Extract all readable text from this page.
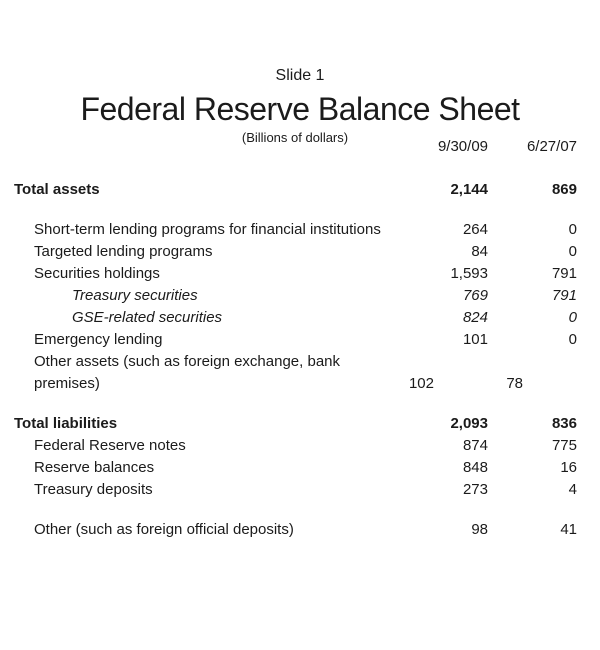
Slide 1
Federal Reserve Balance Sheet
(Billions of dollars)
9/30/09	6/27/07
Total assets	2,144	869
Short-term lending programs for financial institutions	264	0
Targeted lending programs	84	0
Securities holdings	1,593	791
Treasury securities	769	791
GSE-related securities	824	0
Emergency lending	101	0
Other assets (such as foreign exchange, bank premises)	102	78
Total liabilities	2,093	836
Federal Reserve notes	874	775
Reserve balances	848	16
Treasury deposits	273	4
Other (such as foreign official deposits)	98	41
